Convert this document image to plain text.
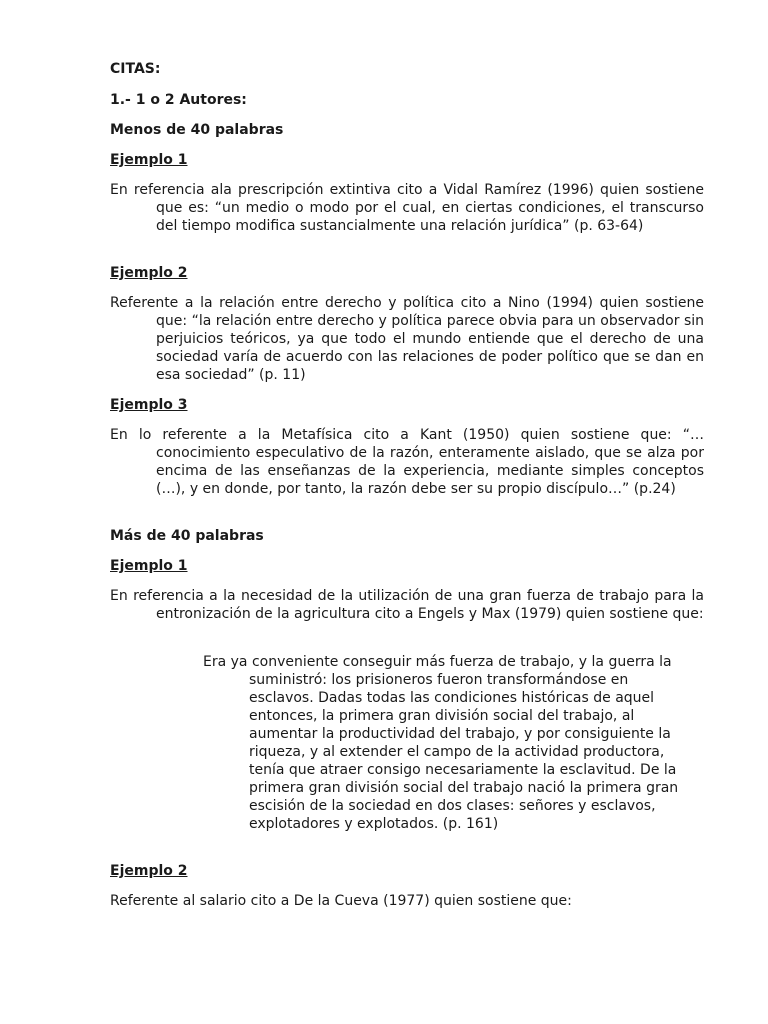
CITAS:

1.- 1 o 2 Autores:

Menos de 40 palabras

Ejemplo 1

En referencia ala prescripción extintiva cito a Vidal Ramírez (1996) quien sostiene que es: “un medio o modo por el cual, en ciertas condiciones, el transcurso del tiempo modifica sustancialmente una relación jurídica” (p. 63-64)

Ejemplo 2

Referente a la relación entre derecho y política cito a Nino (1994) quien sostiene que: “la relación entre derecho y política parece obvia para un observador sin perjuicios teóricos, ya que todo el mundo entiende que el derecho de una sociedad varía de acuerdo con las relaciones de poder político que se dan en esa sociedad” (p. 11)

Ejemplo 3

En lo referente a la Metafísica cito a Kant (1950) quien sostiene que: “… conocimiento especulativo de la razón, enteramente aislado, que se alza por encima de las enseñanzas de la experiencia, mediante simples conceptos (…), y en donde, por tanto, la razón debe ser su propio discípulo…” (p.24)

Más de 40 palabras

Ejemplo 1

En referencia a la necesidad de la utilización de una gran fuerza de trabajo para la entronización de la agricultura cito a Engels y Max (1979) quien sostiene que:

Era ya conveniente conseguir más fuerza de trabajo, y la guerra la suministró: los prisioneros fueron transformándose en esclavos. Dadas todas las condiciones históricas de aquel entonces, la primera gran división social del trabajo, al aumentar la productividad del trabajo, y por consiguiente la riqueza, y al extender el campo de la actividad productora, tenía que atraer consigo necesariamente la esclavitud. De la primera gran división social del trabajo nació la primera gran escisión de la sociedad en dos clases: señores y esclavos, explotadores y explotados. (p. 161)

Ejemplo 2

Referente al salario cito a De la Cueva (1977) quien sostiene que:
